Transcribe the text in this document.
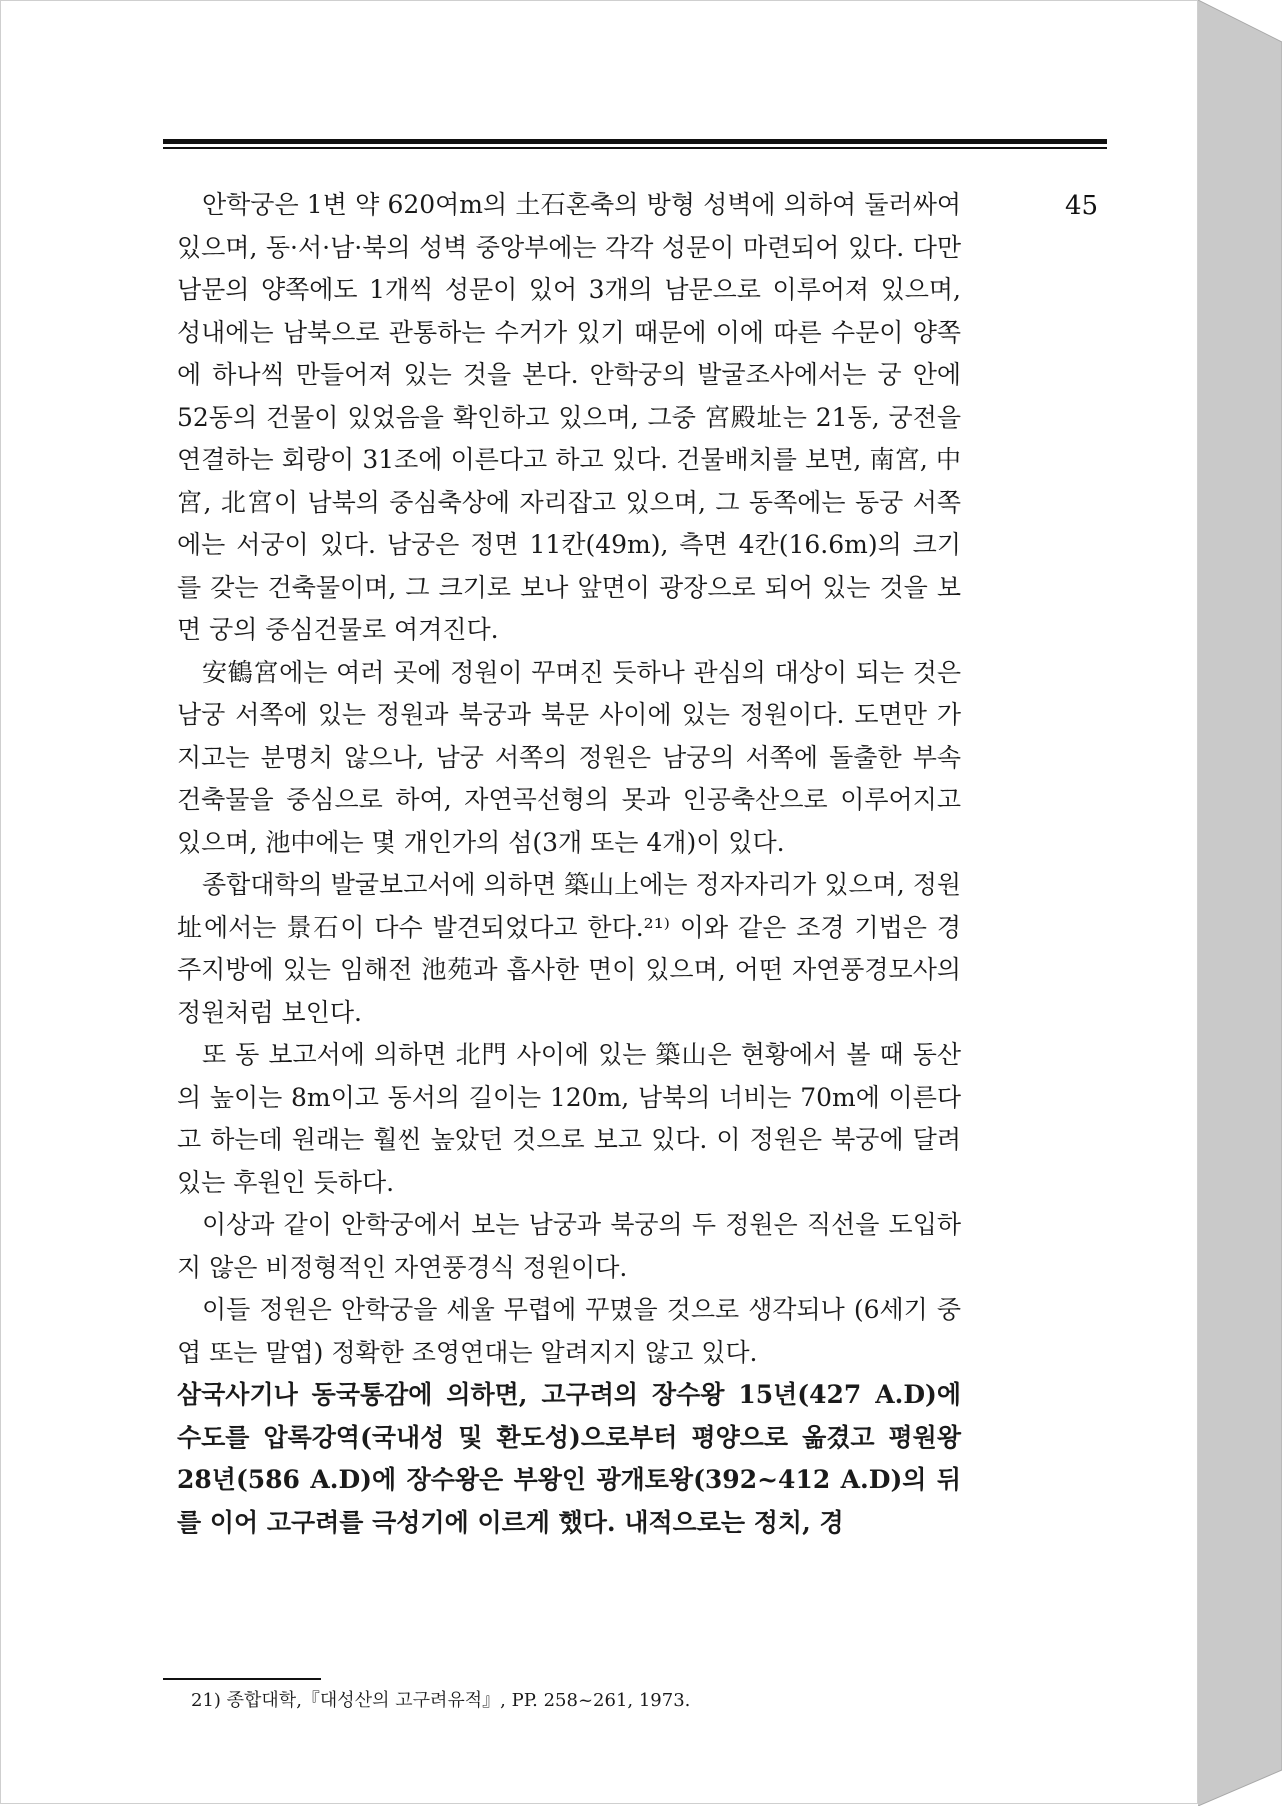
45

안학궁은 1변 약 620여m의 土石혼축의 방형 성벽에 의하여 둘러싸여 있으며, 동·서·남·북의 성벽 중앙부에는 각각 성문이 마련되어 있다. 다만 남문의 양쪽에도 1개씩 성문이 있어 3개의 남문으로 이루어져 있으며, 성내에는 남북으로 관통하는 수거가 있기 때문에 이에 따른 수문이 양쪽에 하나씩 만들어져 있는 것을 본다. 안학궁의 발굴조사에서는 궁 안에 52동의 건물이 있었음을 확인하고 있으며, 그중 宮殿址는 21동, 궁전을 연결하는 회랑이 31조에 이른다고 하고 있다. 건물배치를 보면, 南宮, 中宮, 北宮이 남북의 중심축상에 자리잡고 있으며, 그 동쪽에는 동궁 서쪽에는 서궁이 있다. 남궁은 정면 11칸(49m), 측면 4칸(16.6m)의 크기를 갖는 건축물이며, 그 크기로 보나 앞면이 광장으로 되어 있는 것을 보면 궁의 중심건물로 여겨진다.

安鶴宮에는 여러 곳에 정원이 꾸며진 듯하나 관심의 대상이 되는 것은 남궁 서쪽에 있는 정원과 북궁과 북문 사이에 있는 정원이다. 도면만 가지고는 분명치 않으나, 남궁 서쪽의 정원은 남궁의 서쪽에 돌출한 부속 건축물을 중심으로 하여, 자연곡선형의 못과 인공축산으로 이루어지고 있으며, 池中에는 몇 개인가의 섬(3개 또는 4개)이 있다.

종합대학의 발굴보고서에 의하면 築山上에는 정자자리가 있으며, 정원址에서는 景石이 다수 발견되었다고 한다.²¹⁾ 이와 같은 조경 기법은 경주지방에 있는 임해전 池苑과 흡사한 면이 있으며, 어떤 자연풍경모사의 정원처럼 보인다.

또 동 보고서에 의하면 北門 사이에 있는 築山은 현황에서 볼 때 동산의 높이는 8m이고 동서의 길이는 120m, 남북의 너비는 70m에 이른다고 하는데 원래는 훨씬 높았던 것으로 보고 있다. 이 정원은 북궁에 달려 있는 후원인 듯하다.

이상과 같이 안학궁에서 보는 남궁과 북궁의 두 정원은 직선을 도입하지 않은 비정형적인 자연풍경식 정원이다.

이들 정원은 안학궁을 세울 무렵에 꾸몄을 것으로 생각되나 (6세기 중엽 또는 말엽) 정확한 조영연대는 알려지지 않고 있다.

삼국사기나 동국통감에 의하면, 고구려의 장수왕 15년(427 A.D)에 수도를 압록강역(국내성 및 환도성)으로부터 평양으로 옮겼고 평원왕 28년(586 A.D)에 장수왕은 부왕인 광개토왕(392~412 A.D)의 뒤를 이어 고구려를 극성기에 이르게 했다. 내적으로는 정치, 경

21) 종합대학,『대성산의 고구려유적』, PP. 258~261, 1973.
